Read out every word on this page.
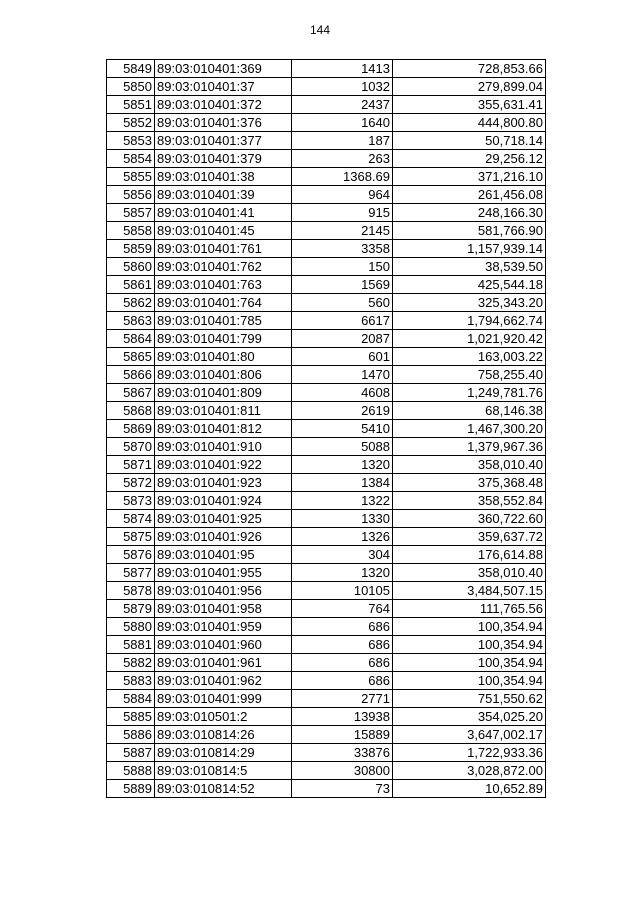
144
5849	89:03:010401:369	1413	728,853.66
5850	89:03:010401:37	1032	279,899.04
5851	89:03:010401:372	2437	355,631.41
5852	89:03:010401:376	1640	444,800.80
5853	89:03:010401:377	187	50,718.14
5854	89:03:010401:379	263	29,256.12
5855	89:03:010401:38	1368.69	371,216.10
5856	89:03:010401:39	964	261,456.08
5857	89:03:010401:41	915	248,166.30
5858	89:03:010401:45	2145	581,766.90
5859	89:03:010401:761	3358	1,157,939.14
5860	89:03:010401:762	150	38,539.50
5861	89:03:010401:763	1569	425,544.18
5862	89:03:010401:764	560	325,343.20
5863	89:03:010401:785	6617	1,794,662.74
5864	89:03:010401:799	2087	1,021,920.42
5865	89:03:010401:80	601	163,003.22
5866	89:03:010401:806	1470	758,255.40
5867	89:03:010401:809	4608	1,249,781.76
5868	89:03:010401:811	2619	68,146.38
5869	89:03:010401:812	5410	1,467,300.20
5870	89:03:010401:910	5088	1,379,967.36
5871	89:03:010401:922	1320	358,010.40
5872	89:03:010401:923	1384	375,368.48
5873	89:03:010401:924	1322	358,552.84
5874	89:03:010401:925	1330	360,722.60
5875	89:03:010401:926	1326	359,637.72
5876	89:03:010401:95	304	176,614.88
5877	89:03:010401:955	1320	358,010.40
5878	89:03:010401:956	10105	3,484,507.15
5879	89:03:010401:958	764	111,765.56
5880	89:03:010401:959	686	100,354.94
5881	89:03:010401:960	686	100,354.94
5882	89:03:010401:961	686	100,354.94
5883	89:03:010401:962	686	100,354.94
5884	89:03:010401:999	2771	751,550.62
5885	89:03:010501:2	13938	354,025.20
5886	89:03:010814:26	15889	3,647,002.17
5887	89:03:010814:29	33876	1,722,933.36
5888	89:03:010814:5	30800	3,028,872.00
5889	89:03:010814:52	73	10,652.89
